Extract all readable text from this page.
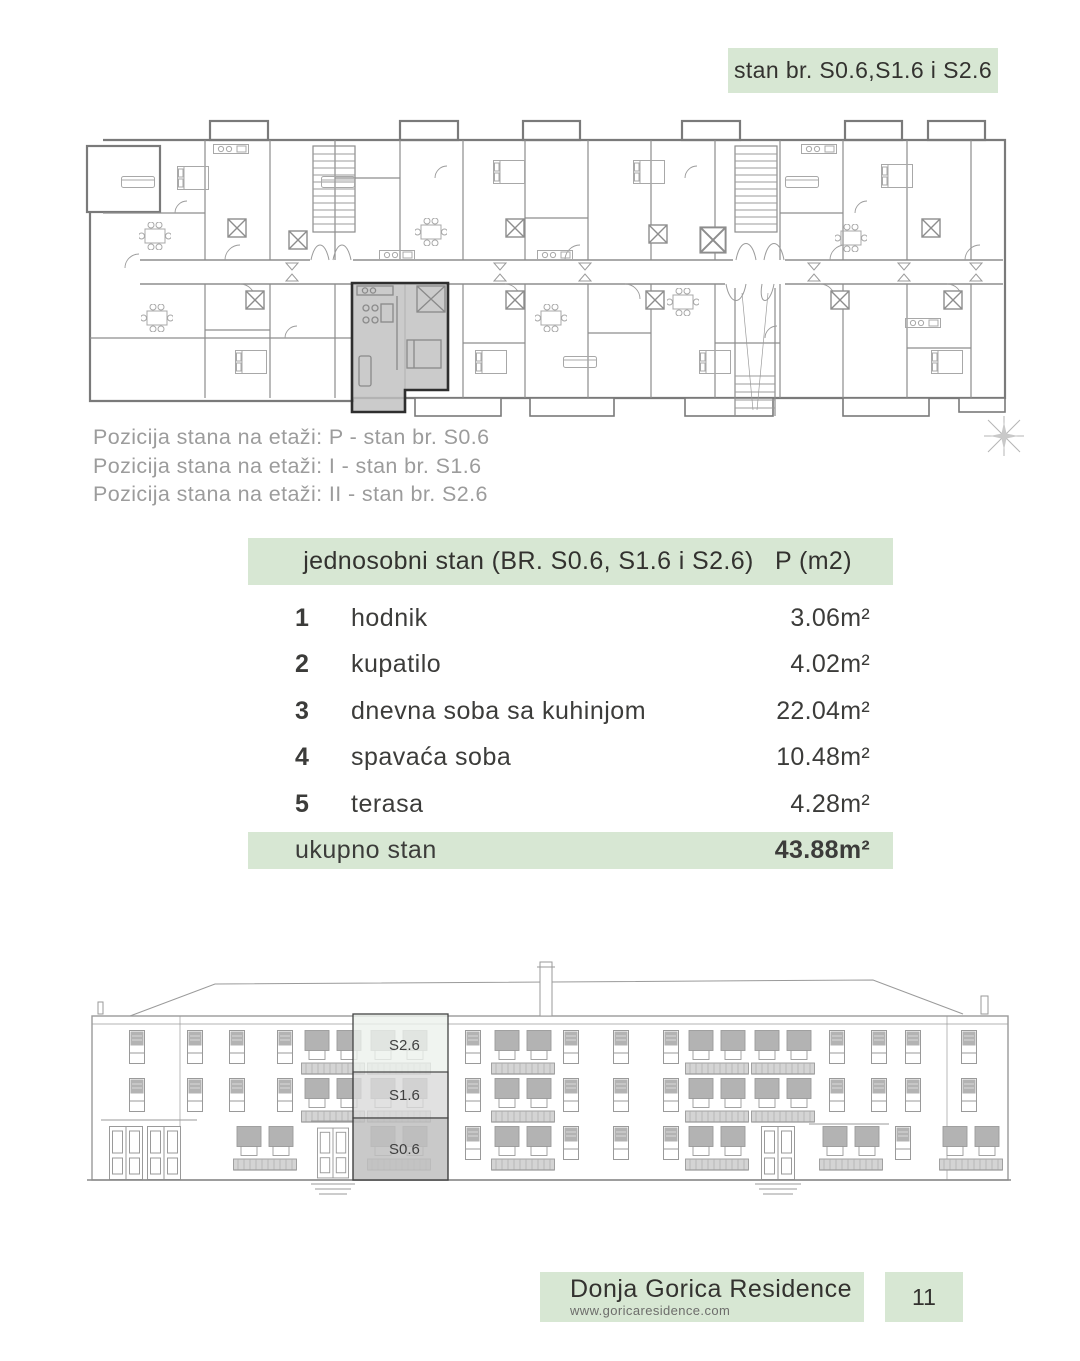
stan br. S0.6,S1.6 i S2.6
Pozicija stana na etaži: P - stan br. S0.6
Pozicija stana na etaži: I - stan br. S1.6
Pozicija stana na etaži: II - stan br. S2.6
jednosobni stan (BR. S0.6, S1.6 i S2.6) P (m2)
1	hodnik	3.06m²
2	kupatilo	4.02m²
3	dnevna soba sa kuhinjom	22.04m²
4	spavaća soba	10.48m²
5	terasa	4.28m²
ukupno stan	43.88m²
S2.6
S1.6
S0.6
Donja Gorica Residence
www.goricaresidence.com
11
